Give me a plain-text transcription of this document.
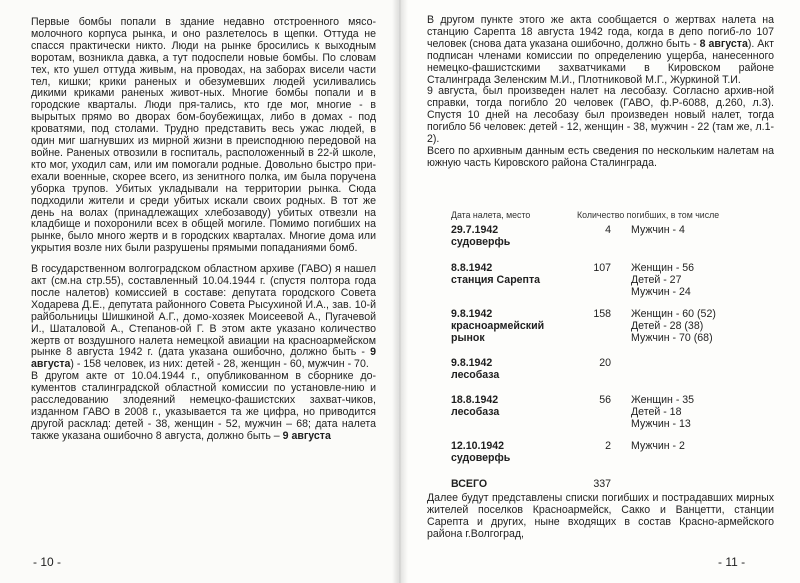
Первые бомбы попали в здание недавно отстроенного мясо-молочного корпуса рынка, и оно разлетелось в щепки. Оттуда не спасся практически никто. Люди на рынке бросились к выходным воротам, возникла давка, а тут подоспели новые бомбы. По словам тех, кто ушел оттуда живым, на проводах, на заборах висели части тел, кишки; крики раненых и обезумевших людей усиливались дикими криками раненых живот-ных. Многие бомбы попали и в городские кварталы. Люди пря-тались, кто где мог, многие - в вырытых прямо во дворах бом-боубежищах, либо в домах - под кроватями, под столами. Трудно представить весь ужас людей, в один миг шагнувших из мирной жизни в преисподнюю передовой на войне. Раненых отвозили в госпиталь, расположенный в 22-й школе, кто мог, уходил сам, или им помогали родные. Довольно быстро при-ехали военные, скорее всего, из зенитного полка, им была поручена уборка трупов. Убитых укладывали на территории рынка. Сюда подходили жители и среди убитых искали своих родных. В тот же день на волах (принадлежащих хлебозаводу) убитых отвезли на кладбище и похоронили всех в общей могиле. Помимо погибших на рынке, было много жертв и в городских кварталах. Многие дома или укрытия возле них были разрушены прямыми попаданиями бомб.

В государственном волгоградском областном архиве (ГАВО) я нашел акт (см.на стр.55), составленный 10.04.1944 г. (спустя полтора года после налетов) комиссией в составе: депутата городского Совета Ходарева Д.Е., депутата районного Совета Рысухиной И.А., зав. 10-й райбольницы Шишкиной А.Г., домо-хозяек Моисеевой А., Пугачевой И., Шаталовой А., Степанов-ой Г. В этом акте указано количество жертв от воздушного налета немецкой авиации на красноармейском рынке 8 августа 1942 г. (дата указана ошибочно, должно быть - 9 августа) - 158 человек, из них: детей - 28, женщин - 60, мужчин - 70.

В другом акте от 10.04.1944 г., опубликованном в сборнике до-кументов сталинградской областной комиссии по установле-нию и расследованию злодеяний немецко-фашистских захват-чиков, изданном ГАВО в 2008 г., указывается та же цифра, но приводится другой расклад: детей - 38, женщин - 52, мужчин – 68; дата налета также указана ошибочно 8 августа, должно быть – 9 августа

- 10 -

В другом пункте этого же акта сообщается о жертвах налета на станцию Сарепта 18 августа 1942 года, когда в депо погиб-ло 107 человек (снова дата указана ошибочно, должно быть - 8 августа). Акт подписан членами комиссии по определению ущерба, нанесенного немецко-фашистскими захватчиками в Кировском районе Сталинграда Зеленским М.И., Плотниковой М.Г., Журкиной Т.И.

9 августа, был произведен налет на лесобазу. Согласно архив-ной справки, тогда погибло 20 человек (ГАВО, ф.Р-6088, д.260, л.3). Спустя 10 дней на лесобазу был произведен новый налет, тогда погибло 56 человек: детей - 12, женщин - 38, мужчин - 22 (там же, л.1-2).

Всего по архивным данным есть сведения по нескольким налетам на южную часть Кировского района Сталинграда.

Дата налета, место	Количество погибших, в том числе
29.7.1942
судоверфь
4	Мужчин - 4
8.8.1942
станция Сарепта
107	Женщин - 56
Детей - 27
Мужчин - 24
9.8.1942
красноармейский
рынок
158	Женщин - 60 (52)
Детей - 28 (38)
Мужчин - 70 (68)
9.8.1942
лесобаза
20
18.8.1942
лесобаза
56	Женщин - 35
Детей - 18
Мужчин - 13
12.10.1942
судоверфь
2	Мужчин - 2
ВСЕГО	337
Далее будут представлены списки погибших и пострадавших мирных жителей поселков Красноармейск, Сакко и Ванцетти, станции Сарепта и других, ныне входящих в состав Красно-армейского района г.Волгоград,
- 11 -
